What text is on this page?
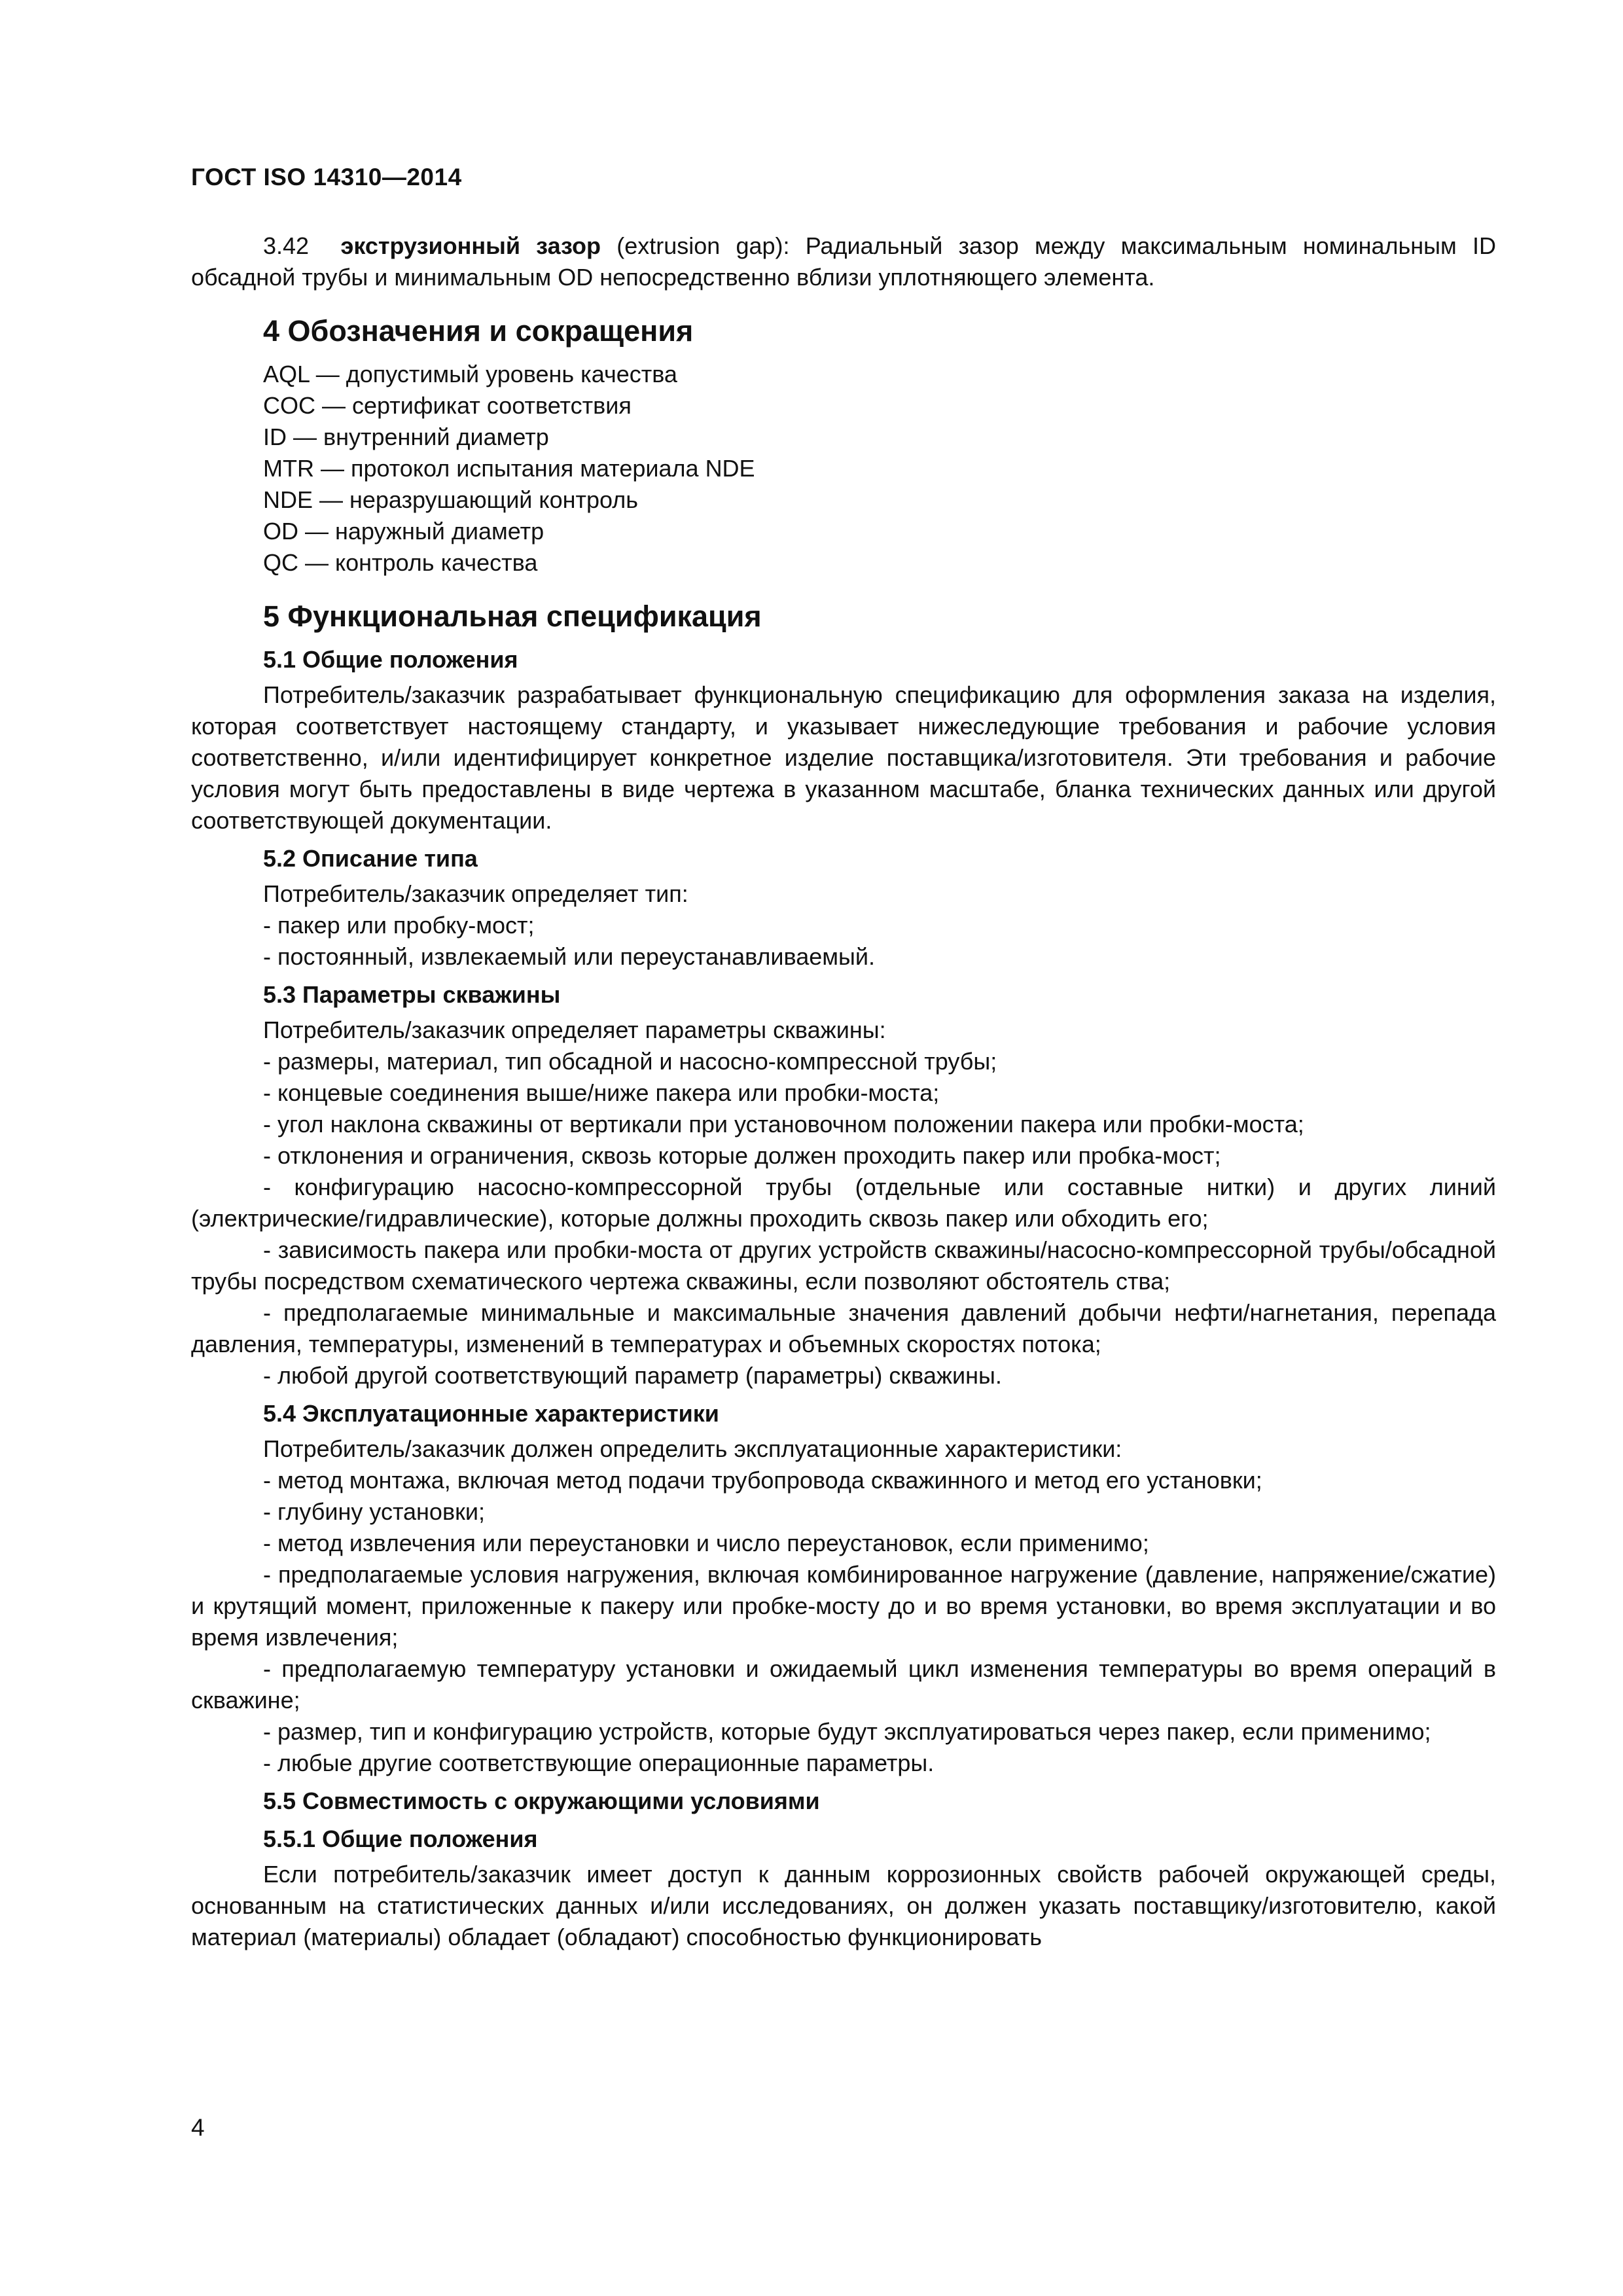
ГОСТ ISO 14310—2014

3.42 экструзионный зазор (extrusion gap): Радиальный зазор между максимальным номинальным ID обсадной трубы и минимальным OD непосредственно вблизи уплотняющего элемента.

4 Обозначения и сокращения

AQL — допустимый уровень качества

COC — сертификат соответствия

ID — внутренний диаметр

MTR — протокол испытания материала NDE

NDE — неразрушающий контроль

OD — наружный диаметр

QC — контроль качества

5 Функциональная спецификация
5.1 Общие положения

Потребитель/заказчик разрабатывает функциональную спецификацию для оформления заказа на изделия, которая соответствует настоящему стандарту, и указывает нижеследующие требования и рабочие условия соответственно, и/или идентифицирует конкретное изделие поставщика/изготовителя. Эти требования и рабочие условия могут быть предоставлены в виде чертежа в указанном масштабе, бланка технических данных или другой соответствующей документации.

5.2 Описание типа

Потребитель/заказчик определяет тип:

- пакер или пробку-мост;

- постоянный, извлекаемый или переустанавливаемый.

5.3 Параметры скважины

Потребитель/заказчик определяет параметры скважины:

- размеры, материал, тип обсадной и насосно-компрессной трубы;

- концевые соединения выше/ниже пакера или пробки-моста;

- угол наклона скважины от вертикали при установочном положении пакера или пробки-моста;

- отклонения и ограничения, сквозь которые должен проходить пакер или пробка-мост;

- конфигурацию насосно-компрессорной трубы (отдельные или составные нитки) и других линий (электрические/гидравлические), которые должны проходить сквозь пакер или обходить его;

- зависимость пакера или пробки-моста от других устройств скважины/насосно-компрессорной трубы/обсадной трубы посредством схематического чертежа скважины, если позволяют обстоятель ства;

- предполагаемые минимальные и максимальные значения давлений добычи нефти/нагнетания, перепада давления, температуры, изменений в температурах и объемных скоростях потока;

- любой другой соответствующий параметр (параметры) скважины.

5.4 Эксплуатационные характеристики

Потребитель/заказчик должен определить эксплуатационные характеристики:

- метод монтажа, включая метод подачи трубопровода скважинного и метод его установки;

- глубину установки;

- метод извлечения или переустановки и число переустановок, если применимо;

- предполагаемые условия нагружения, включая комбинированное нагружение (давление, напряжение/сжатие) и крутящий момент, приложенные к пакеру или пробке-мосту до и во время установки, во время эксплуатации и во время извлечения;

- предполагаемую температуру установки и ожидаемый цикл изменения температуры во время операций в скважине;

- размер, тип и конфигурацию устройств, которые будут эксплуатироваться через пакер, если применимо;

- любые другие соответствующие операционные параметры.

5.5 Совместимость с окружающими условиями
5.5.1 Общие положения

Если потребитель/заказчик имеет доступ к данным коррозионных свойств рабочей окружающей среды, основанным на статистических данных и/или исследованиях, он должен указать поставщику/изготовителю, какой материал (материалы) обладает (обладают) способностью функционировать

4
